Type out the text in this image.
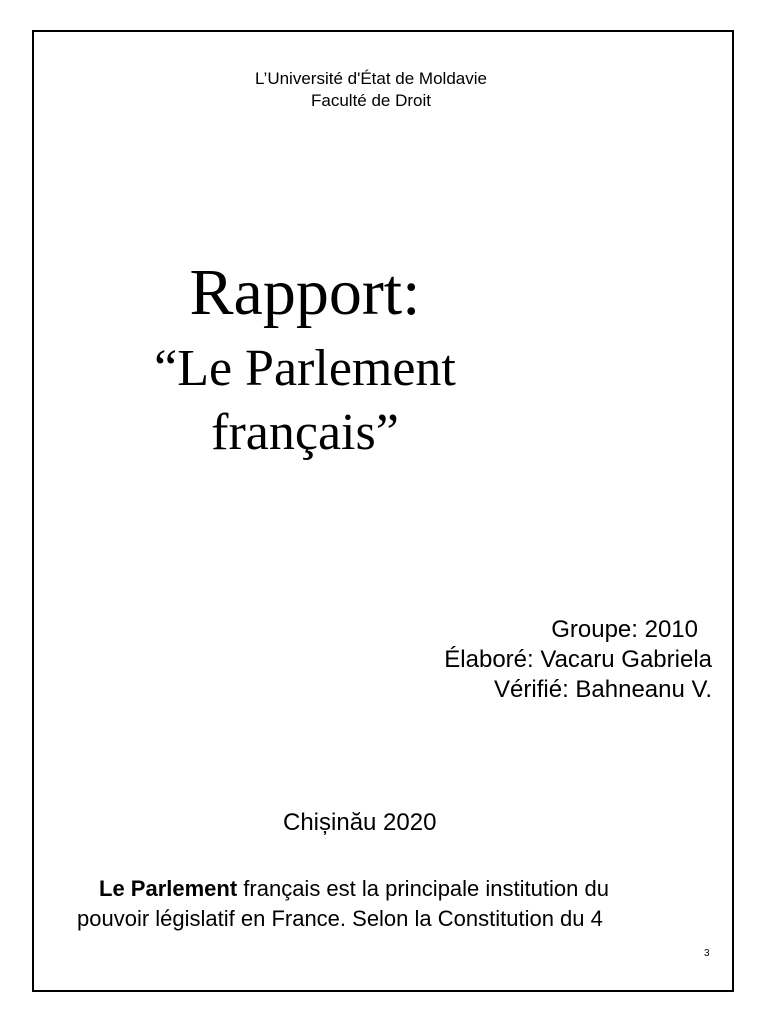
L’Université d'État de Moldavie
Faculté de Droit
Rapport:
“Le Parlement
français”
Groupe: 2010
Élaboré: Vacaru Gabriela
Vérifié: Bahneanu V.
Chișinău 2020
Le Parlement français est la principale institution du
pouvoir législatif en France. Selon la Constitution du 4
3
